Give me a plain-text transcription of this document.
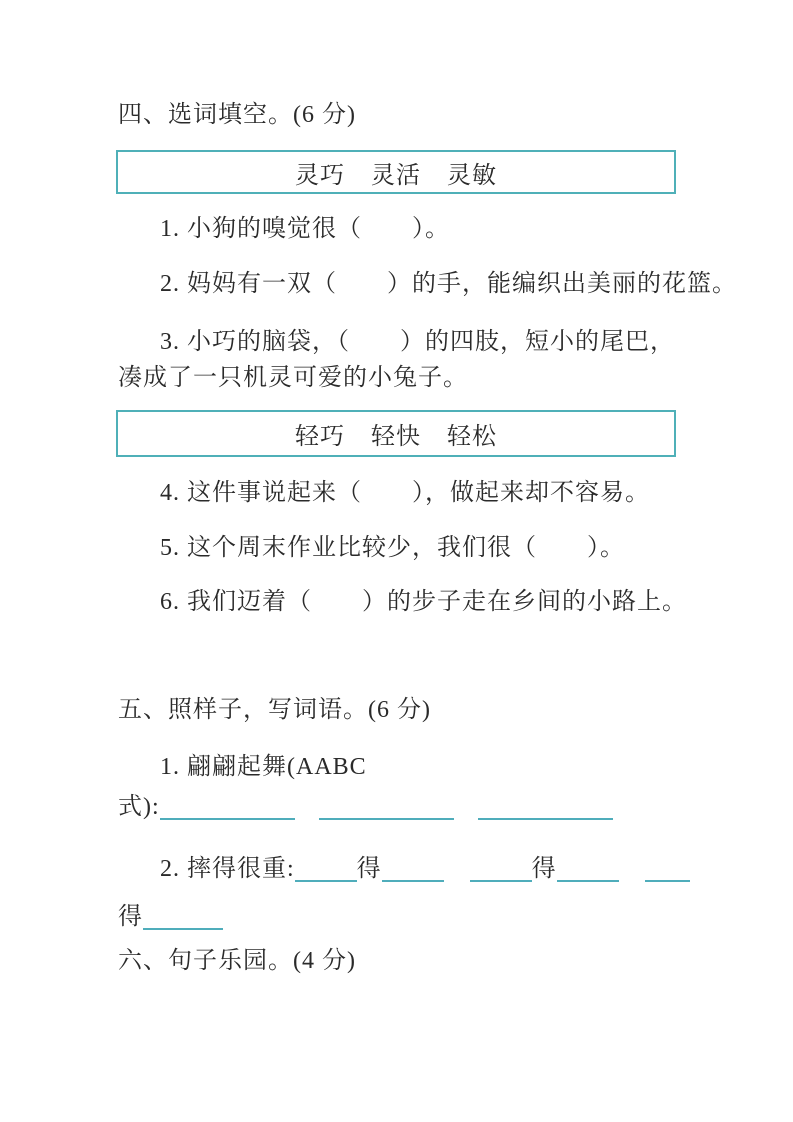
四、选词填空。(6 分)
灵巧 灵活 灵敏
1. 小狗的嗅觉很（　　）。
2. 妈妈有一双（　　）的手，能编织出美丽的花篮。
3. 小巧的脑袋，（　　）的四肢，短小的尾巴，凑成了一只机灵可爱的小兔子。
轻巧 轻快 轻松
4. 这件事说起来（　　），做起来却不容易。
5. 这个周末作业比较少，我们很（　　）。
6. 我们迈着（　　）的步子走在乡间的小路上。
五、照样子，写词语。(6 分)
1. 翩翩起舞(AABC
式):
2. 摔得很重:	得	得
得
六、句子乐园。(4 分)
